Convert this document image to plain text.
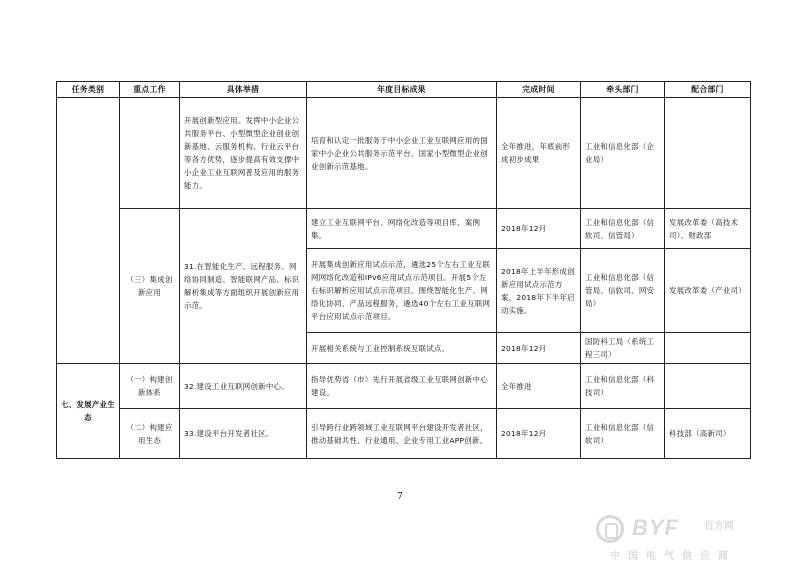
任务类别	重点工作	具体举措	年度目标成果	完成时间	牵头部门	配合部门
		开展创新型应用。发挥中小企业公共服务平台、小型微型企业创业创新基地、云服务机构、行业云平台等各方优势，逐步提高有效支撑中小企业工业互联网普及应用的服务能力。	培育和认定一批服务于中小企业工业互联网应用的国家中小企业公共服务示范平台、国家小型微型企业创业创新示范基地。	全年推进，年底前形成初步成果	工业和信息化部（企业局）	
	（三）集成创新应用	31.在智能化生产、远程服务、网络协同制造、智能联网产品、标识解析集成等方面组织开展创新应用示范。	建立工业互联网平台、网络化改造等项目库、案例集。	2018年12月	工业和信息化部（信软司、信管局）	发展改革委（高技术司）、财政部
			开展集成创新应用试点示范，遴选25个左右工业互联网网络化改造和IPv6应用试点示范项目。开展5个左右标识解析应用试点示范项目。围绕智能化生产、网络化协同、产品远程服务，遴选40个左右工业互联网平台应用试点示范项目。	2018年上半年形成创新应用试点示范方案，2018年下半年启动实施。	工业和信息化部（信管局、信软司、网安局）	发展改革委（产业司）
			开展相关系统与工业控制系统互联试点。	2018年12月	国防科工局（系统工程三司）	
七、发展产业生态	（一）构建创新体系	32.建设工业互联网创新中心。	指导优势省（市）先行开展省级工业互联网创新中心建设。	全年推进	工业和信息化部（科技司）	
	（二）构建应用生态	33.建设平台开发者社区。	引导跨行业跨领域工业互联网平台建设开发者社区，推动基础共性、行业通用、企业专用工业APP创新。	2018年12月	工业和信息化部（信软司）	科技部（高新司）
7
BYF	百方网
中国电气供应商
